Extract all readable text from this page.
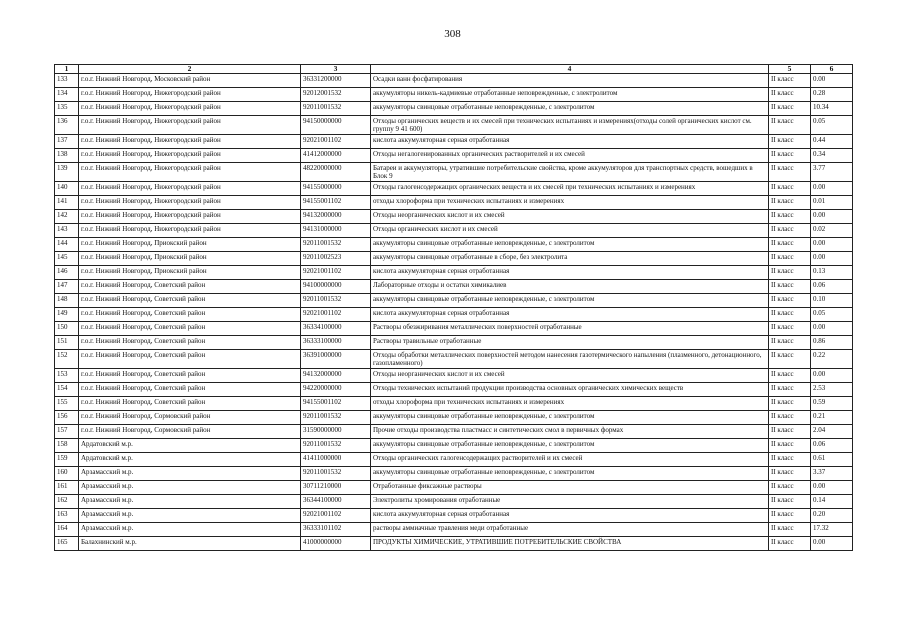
308
1	2	3	4	5	6
133	г.о.г. Нижний Новгород, Московский район	36331200000	Осадки ванн фосфатирования	II класс	0.00
134	г.о.г. Нижний Новгород, Нижегородский район	92012001532	аккумуляторы никель-кадмиевые отработанные неповрежденные, с электролитом	II класс	0.28
135	г.о.г. Нижний Новгород, Нижегородский район	92011001532	аккумуляторы свинцовые отработанные неповрежденные, с электролитом	II класс	10.34
136	г.о.г. Нижний Новгород, Нижегородский район	94150000000	Отходы органических веществ и их смесей при технических испытаниях и измерениях(отходы солей органических кислот см. группу 9 41 600)	II класс	0.05
137	г.о.г. Нижний Новгород, Нижегородский район	92021001102	кислота аккумуляторная серная отработанная	II класс	0.44
138	г.о.г. Нижний Новгород, Нижегородский район	41412000000	Отходы негалогенированных органических растворителей и их смесей	II класс	0.34
139	г.о.г. Нижний Новгород, Нижегородский район	48220000000	Батареи и аккумуляторы, утратившие потребительские свойства, кроме аккумуляторов для транспортных средств, вошедших в Блок 9	II класс	3.77
140	г.о.г. Нижний Новгород, Нижегородский район	94155000000	Отходы галогенсодержащих органических веществ и их смесей при технических испытаниях и измерениях	II класс	0.00
141	г.о.г. Нижний Новгород, Нижегородский район	94155001102	отходы хлороформа при технических испытаниях и измерениях	II класс	0.01
142	г.о.г. Нижний Новгород, Нижегородский район	94132000000	Отходы неорганических кислот и их смесей	II класс	0.00
143	г.о.г. Нижний Новгород, Нижегородский район	94131000000	Отходы органических кислот и их смесей	II класс	0.02
144	г.о.г. Нижний Новгород, Приокский район	92011001532	аккумуляторы свинцовые отработанные неповрежденные, с электролитом	II класс	0.00
145	г.о.г. Нижний Новгород, Приокский район	92011002523	аккумуляторы свинцовые отработанные в сборе, без электролита	II класс	0.00
146	г.о.г. Нижний Новгород, Приокский район	92021001102	кислота аккумуляторная серная отработанная	II класс	0.13
147	г.о.г. Нижний Новгород, Советский район	94100000000	Лабораторные отходы и остатки химикалиев	II класс	0.06
148	г.о.г. Нижний Новгород, Советский район	92011001532	аккумуляторы свинцовые отработанные неповрежденные, с электролитом	II класс	0.10
149	г.о.г. Нижний Новгород, Советский район	92021001102	кислота аккумуляторная серная отработанная	II класс	0.05
150	г.о.г. Нижний Новгород, Советский район	36334100000	Растворы обезжиривания металлических поверхностей отработанные	II класс	0.00
151	г.о.г. Нижний Новгород, Советский район	36333100000	Растворы травильные отработанные	II класс	0.86
152	г.о.г. Нижний Новгород, Советский район	36391000000	Отходы обработки металлических поверхностей методом нанесения газотермического напыления (плазменного, детонационного, газопламенного)	II класс	0.22
153	г.о.г. Нижний Новгород, Советский район	94132000000	Отходы неорганических кислот и их смесей	II класс	0.00
154	г.о.г. Нижний Новгород, Советский район	94220000000	Отходы технических испытаний продукции производства основных органических химических веществ	II класс	2.53
155	г.о.г. Нижний Новгород, Советский район	94155001102	отходы хлороформа при технических испытаниях и измерениях	II класс	0.59
156	г.о.г. Нижний Новгород, Сормовский район	92011001532	аккумуляторы свинцовые отработанные неповрежденные, с электролитом	II класс	0.21
157	г.о.г. Нижний Новгород, Сормовский район	31590000000	Прочие отходы производства пластмасс и синтетических смол в первичных формах	II класс	2.04
158	Ардатовский м.р.	92011001532	аккумуляторы свинцовые отработанные неповрежденные, с электролитом	II класс	0.06
159	Ардатовский м.р.	41411000000	Отходы органических галогенсодержащих растворителей и их смесей	II класс	0.61
160	Арзамасский м.р.	92011001532	аккумуляторы свинцовые отработанные неповрежденные, с электролитом	II класс	3.37
161	Арзамасский м.р.	30711210000	Отработанные фиксажные растворы	II класс	0.00
162	Арзамасский м.р.	36344100000	Электролиты хромирования отработанные	II класс	0.14
163	Арзамасский м.р.	92021001102	кислота аккумуляторная серная отработанная	II класс	0.20
164	Арзамасский м.р.	36333101102	растворы аммиачные травления меди отработанные	II класс	17.32
165	Балахнинский м.р.	41000000000	ПРОДУКТЫ ХИМИЧЕСКИЕ, УТРАТИВШИЕ ПОТРЕБИТЕЛЬСКИЕ СВОЙСТВА	II класс	0.00
